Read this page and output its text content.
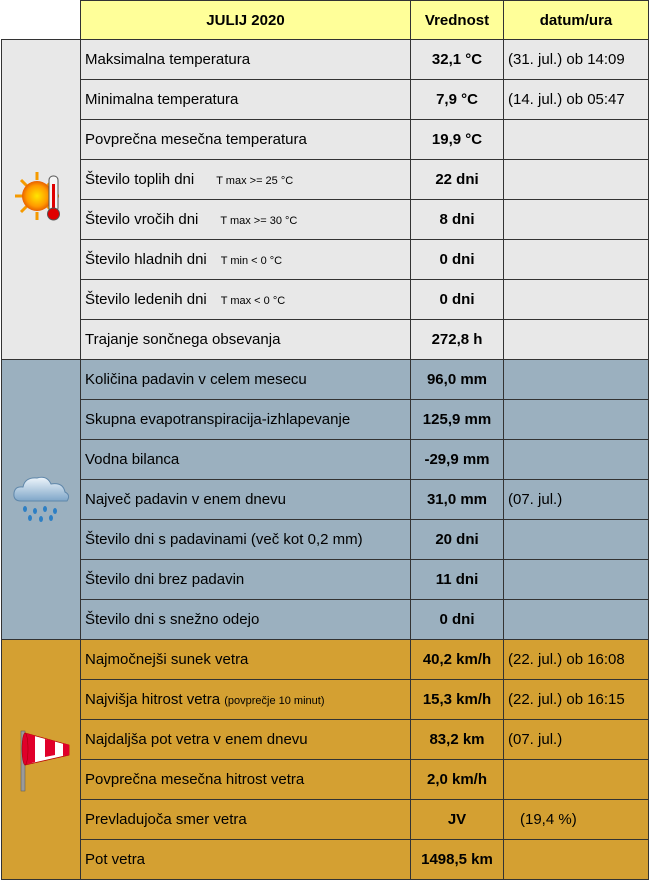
	JULIJ 2020	Vrednost	datum/ura
	Maksimalna temperatura	32,1 °C	(31. jul.) ob 14:09
	Minimalna temperatura	7,9 °C	(14. jul.) ob 05:47
	Povprečna mesečna temperatura	19,9 °C	
	Število toplih dni T max >= 25 °C	22 dni	
	Število vročih dni T max >= 30 °C	8 dni	
	Število hladnih dni T min < 0 °C	0 dni	
	Število ledenih dni T max < 0 °C	0 dni	
	Trajanje sončnega obsevanja	272,8 h	
	Količina padavin v celem mesecu	96,0 mm	
	Skupna evapotranspiracija-izhlapevanje	125,9 mm	
	Vodna bilanca	-29,9 mm	
	Največ padavin v enem dnevu	31,0 mm	(07. jul.)
	Število dni s padavinami (več kot 0,2 mm)	20 dni	
	Število dni brez padavin	11 dni	
	Število dni s snežno odejo	0 dni	
	Najmočnejši sunek vetra	40,2 km/h	(22. jul.) ob 16:08
	Najvišja hitrost vetra (povprečje 10 minut)	15,3 km/h	(22. jul.) ob 16:15
	Najdaljša pot vetra v enem dnevu	83,2 km	(07. jul.)
	Povprečna mesečna hitrost vetra	2,0 km/h	
	Prevladujoča smer vetra	JV	(19,4 %)
	Pot vetra	1498,5 km	
